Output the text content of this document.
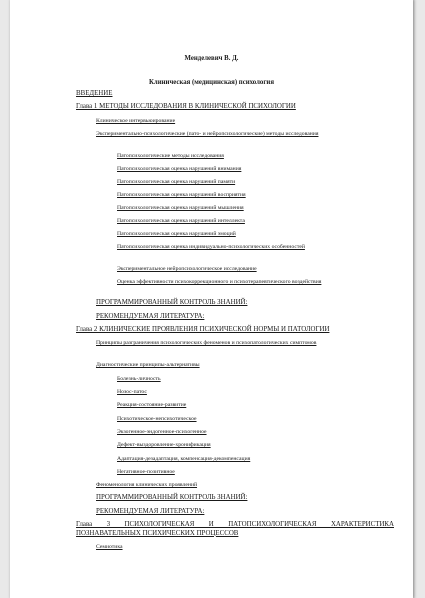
Менделевич В. Д.
Клиническая (медицинская) психология
ВВЕДЕНИЕ
Глава 1 МЕТОДЫ ИССЛЕДОВАНИЯ В КЛИНИЧЕСКОЙ ПСИХОЛОГИИ
Клиническое интервьюирование
Экспериментально-психологические (пато- и нейропсихологические) методы исследования
Патопсихологические методы исследования
Патопсихологическая оценка нарушений внимания
Патопсихологическая оценка нарушений памяти
Патопсихологическая оценка нарушений восприятия
Патопсихологическая оценка нарушений мышления
Патопсихологическая оценка нарушений интеллекта
Патопсихологическая оценка нарушений эмоций
Патопсихологическая оценка индивидуально-психологических особенностей
Экспериментальное нейропсихологическое исследование
Оценка эффективности психокоррекционного и психотерапевтического воздействия
ПРОГРАММИРОВАННЫЙ КОНТРОЛЬ ЗНАНИЙ:
РЕКОМЕНДУЕМАЯ ЛИТЕРАТУРА:
Глава 2 КЛИНИЧЕСКИЕ ПРОЯВЛЕНИЯ ПСИХИЧЕСКОЙ НОРМЫ И ПАТОЛОГИИ
Принципы разграничения психологических феноменов и психопатологических симптомов
Диагностические принципы-альтернативы
Болезнь-личность
Нозос-патос
Реакция-состояние-развитие
Психотическое-непсихотическое
Экзогенное-эндогенное-психогенное
Дефект-выздоровление-хронификация
Адаптация-дезадаптация, компенсация-декомпенсация
Негативное-позитивное
Феноменология клинических проявлений
ПРОГРАММИРОВАННЫЙ КОНТРОЛЬ ЗНАНИЙ:
РЕКОМЕНДУЕМАЯ ЛИТЕРАТУРА:
Глава 3 ПСИХОЛОГИЧЕСКАЯ И ПАТОПСИХОЛОГИЧЕСКАЯ ХАРАКТЕРИСТИКА ПОЗНАВАТЕЛЬНЫХ ПСИХИЧЕСКИХ ПРОЦЕССОВ
Семиотика
